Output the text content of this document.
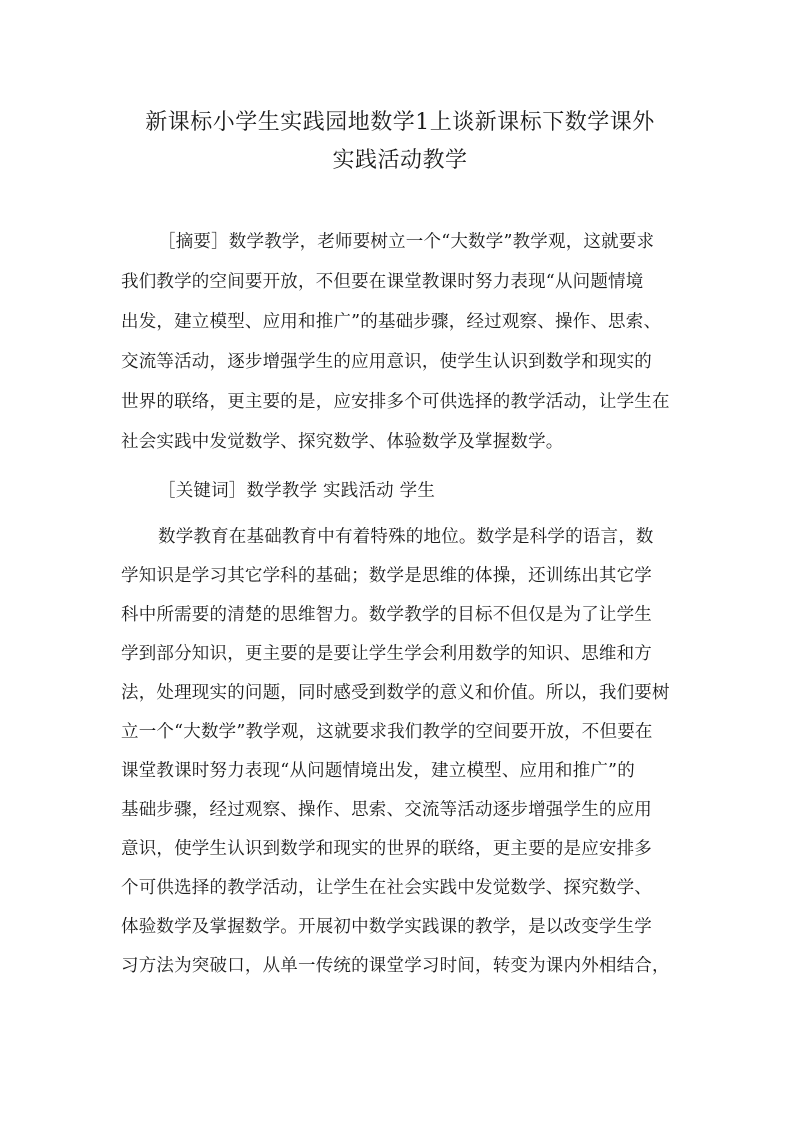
新课标小学生实践园地数学1上谈新课标下数学课外
实践活动教学
［摘要］数学教学，老师要树立一个“大数学”教学观，这就要求
我们教学的空间要开放，不但要在课堂教课时努力表现“从问题情境
出发，建立模型、应用和推广”的基础步骤，经过观察、操作、思索、
交流等活动，逐步增强学生的应用意识，使学生认识到数学和现实的
世界的联络，更主要的是，应安排多个可供选择的教学活动，让学生在
社会实践中发觉数学、探究数学、体验数学及掌握数学。
［关键词］数学教学 实践活动 学生
数学教育在基础教育中有着特殊的地位。数学是科学的语言，数
学知识是学习其它学科的基础；数学是思维的体操，还训练出其它学
科中所需要的清楚的思维智力。数学教学的目标不但仅是为了让学生
学到部分知识，更主要的是要让学生学会利用数学的知识、思维和方
法，处理现实的问题，同时感受到数学的意义和价值。所以，我们要树
立一个“大数学”教学观，这就要求我们教学的空间要开放，不但要在
课堂教课时努力表现“从问题情境出发，建立模型、应用和推广”的
基础步骤，经过观察、操作、思索、交流等活动逐步增强学生的应用
意识，使学生认识到数学和现实的世界的联络，更主要的是应安排多
个可供选择的教学活动，让学生在社会实践中发觉数学、探究数学、
体验数学及掌握数学。开展初中数学实践课的教学，是以改变学生学
习方法为突破口，从单一传统的课堂学习时间，转变为课内外相结合，
